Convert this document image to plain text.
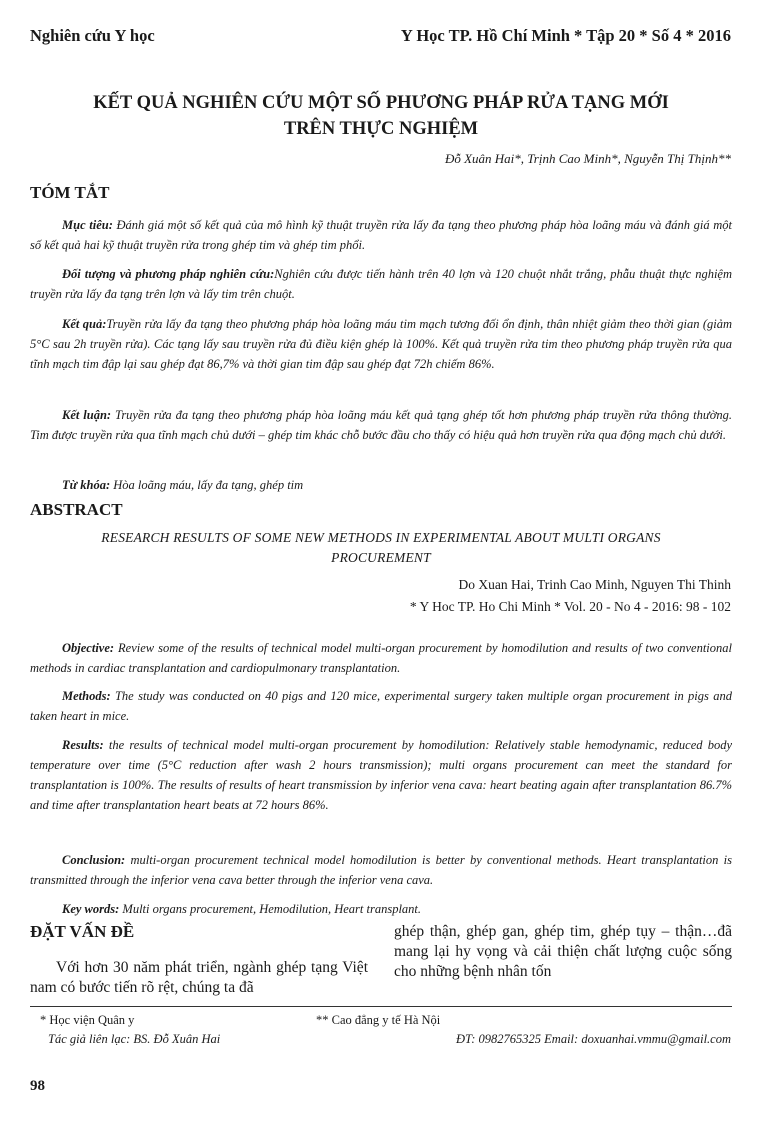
Nghiên cứu Y học	Y Học TP. Hồ Chí Minh * Tập 20 * Số 4 * 2016
KẾT QUẢ NGHIÊN CỨU MỘT SỐ PHƯƠNG PHÁP RỬA TẠNG MỚI
TRÊN THỰC NGHIỆM
Đỗ Xuân Hai*, Trịnh Cao Minh*, Nguyễn Thị Thịnh**
TÓM TẮT

Mục tiêu: Đánh giá một số kết quả của mô hình kỹ thuật truyền rửa lấy đa tạng theo phương pháp hòa loãng máu và đánh giá một số kết quả hai kỹ thuật truyền rửa trong ghép tim và ghép tim phổi.

Đối tượng và phương pháp nghiên cứu:Nghiên cứu được tiến hành trên 40 lợn và 120 chuột nhắt trắng, phẫu thuật thực nghiệm truyền rửa lấy đa tạng trên lợn và lấy tim trên chuột.

Kết quả:Truyền rửa lấy đa tạng theo phương pháp hòa loãng máu tim mạch tương đối ổn định, thân nhiệt giảm theo thời gian (giảm 5°C sau 2h truyền rửa). Các tạng lấy sau truyền rửa đủ điều kiện ghép là 100%. Kết quả truyền rửa tim theo phương pháp truyền rửa qua tĩnh mạch tim đập lại sau ghép đạt 86,7% và thời gian tim đập sau ghép đạt 72h chiếm 86%.

Kết luận: Truyền rửa đa tạng theo phương pháp hòa loãng máu kết quả tạng ghép tốt hơn phương pháp truyền rửa thông thường. Tim được truyền rửa qua tĩnh mạch chủ dưới – ghép tim khác chỗ bước đầu cho thấy có hiệu quả hơn truyền rửa qua động mạch chủ dưới.

Từ khóa: Hòa loãng máu, lấy đa tạng, ghép tim

ABSTRACT
RESEARCH RESULTS OF SOME NEW METHODS IN EXPERIMENTAL ABOUT MULTI ORGANS
PROCUREMENT
Do Xuan Hai, Trinh Cao Minh, Nguyen Thi Thinh
* Y Hoc TP. Ho Chi Minh * Vol. 20 - No 4 - 2016: 98 - 102

Objective: Review some of the results of technical model multi-organ procurement by homodilution and results of two conventional methods in cardiac transplantation and cardiopulmonary transplantation.

Methods: The study was conducted on 40 pigs and 120 mice, experimental surgery taken multiple organ procurement in pigs and taken heart in mice.

Results: the results of technical model multi-organ procurement by homodilution: Relatively stable hemodynamic, reduced body temperature over time (5°C reduction after wash 2 hours transmission); multi organs procurement can meet the standard for transplantation is 100%. The results of results of heart transmission by inferior vena cava: heart beating again after transplantation 86.7% and time after transplantation heart beats at 72 hours 86%.

Conclusion: multi-organ procurement technical model homodilution is better by conventional methods. Heart transplantation is transmitted through the inferior vena cava better through the inferior vena cava.

Key words: Multi organs procurement, Hemodilution, Heart transplant.

ĐẶT VẤN ĐỀ
Với hơn 30 năm phát triển, ngành ghép tạng Việt nam có bước tiến rõ rệt, chúng ta đã
ghép thận, ghép gan, ghép tim, ghép tụy – thận…đã mang lại hy vọng và cải thiện chất lượng cuộc sống cho những bệnh nhân tốn
* Học viện Quân y	** Cao đẳng y tế Hà Nội
Tác giả liên lạc: BS. Đỗ Xuân Hai	ĐT: 0982765325 Email: doxuanhai.vmmu@gmail.com
98
